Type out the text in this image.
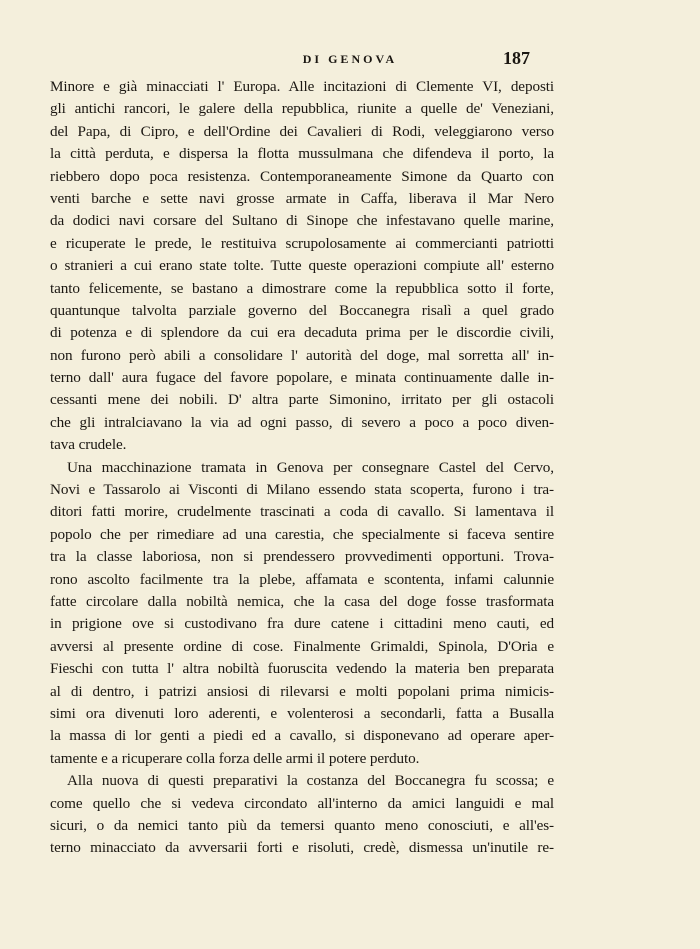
DI GENOVA	187
Minore e già minacciati l' Europa. Alle incitazioni di Clemente VI, deposti
gli antichi rancori, le galere della repubblica, riunite a quelle de' Veneziani,
del Papa, di Cipro, e dell'Ordine dei Cavalieri di Rodi, veleggiarono verso
la città perduta, e dispersa la flotta mussulmana che difendeva il porto, la
riebbero dopo poca resistenza. Contemporaneamente Simone da Quarto con
venti barche e sette navi grosse armate in Caffa, liberava il Mar Nero
da dodici navi corsare del Sultano di Sinope che infestavano quelle marine,
e ricuperate le prede, le restituiva scrupolosamente ai commercianti patriotti
o stranieri a cui erano state tolte. Tutte queste operazioni compiute all' esterno
tanto felicemente, se bastano a dimostrare come la repubblica sotto il forte,
quantunque talvolta parziale governo del Boccanegra risalì a quel grado
di potenza e di splendore da cui era decaduta prima per le discordie civili,
non furono però abili a consolidare l' autorità del doge, mal sorretta all' in-
terno dall' aura fugace del favore popolare, e minata continuamente dalle in-
cessanti mene dei nobili. D' altra parte Simonino, irritato per gli ostacoli
che gli intralciavano la via ad ogni passo, di severo a poco a poco diven-
tava crudele.
Una macchinazione tramata in Genova per consegnare Castel del Cervo,
Novi e Tassarolo ai Visconti di Milano essendo stata scoperta, furono i tra-
ditori fatti morire, crudelmente trascinati a coda di cavallo. Si lamentava il
popolo che per rimediare ad una carestia, che specialmente si faceva sentire
tra la classe laboriosa, non si prendessero provvedimenti opportuni. Trova-
rono ascolto facilmente tra la plebe, affamata e scontenta, infami calunnie
fatte circolare dalla nobiltà nemica, che la casa del doge fosse trasformata
in prigione ove si custodivano fra dure catene i cittadini meno cauti, ed
avversi al presente ordine di cose. Finalmente Grimaldi, Spinola, D'Oria e
Fieschi con tutta l' altra nobiltà fuoruscita vedendo la materia ben preparata
al di dentro, i patrizi ansiosi di rilevarsi e molti popolani prima nimicis-
simi ora divenuti loro aderenti, e volenterosi a secondarli, fatta a Busalla
la massa di lor genti a piedi ed a cavallo, si disponevano ad operare aper-
tamente e a ricuperare colla forza delle armi il potere perduto.
Alla nuova di questi preparativi la costanza del Boccanegra fu scossa; e
come quello che si vedeva circondato all'interno da amici languidi e mal
sicuri, o da nemici tanto più da temersi quanto meno conosciuti, e all'es-
terno minacciato da avversarii forti e risoluti, credè, dismessa un'inutile re-
